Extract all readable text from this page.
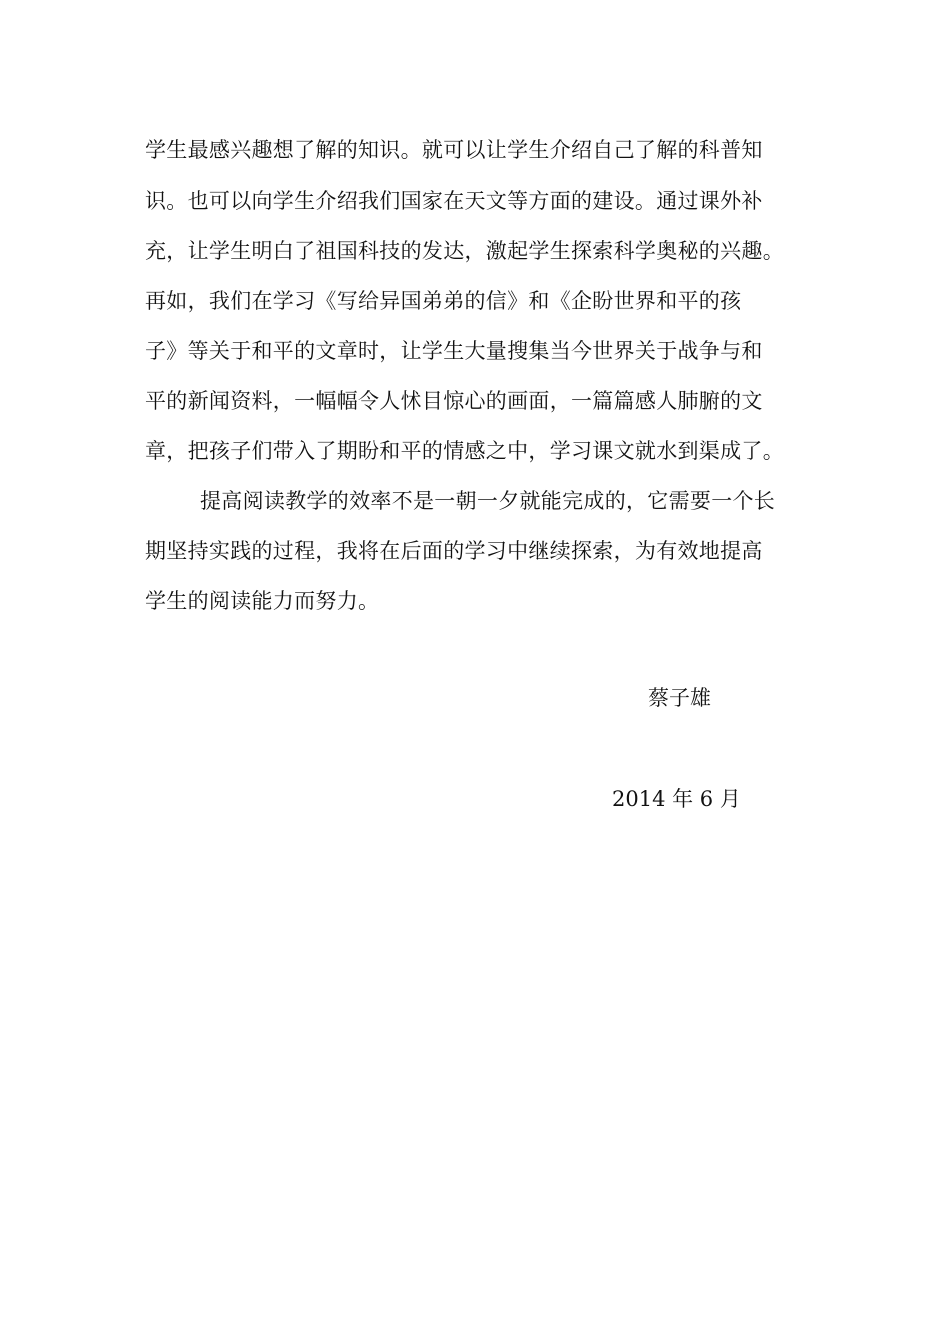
学生最感兴趣想了解的知识。就可以让学生介绍自己了解的科普知
识。也可以向学生介绍我们国家在天文等方面的建设。通过课外补
充，让学生明白了祖国科技的发达，激起学生探索科学奥秘的兴趣。
再如，我们在学习《写给异国弟弟的信》和《企盼世界和平的孩
子》等关于和平的文章时，让学生大量搜集当今世界关于战争与和
平的新闻资料，一幅幅令人怵目惊心的画面，一篇篇感人肺腑的文
章，把孩子们带入了期盼和平的情感之中，学习课文就水到渠成了。
提高阅读教学的效率不是一朝一夕就能完成的，它需要一个长
期坚持实践的过程，我将在后面的学习中继续探索，为有效地提高
学生的阅读能力而努力。
蔡子雄
2014 年 6 月
